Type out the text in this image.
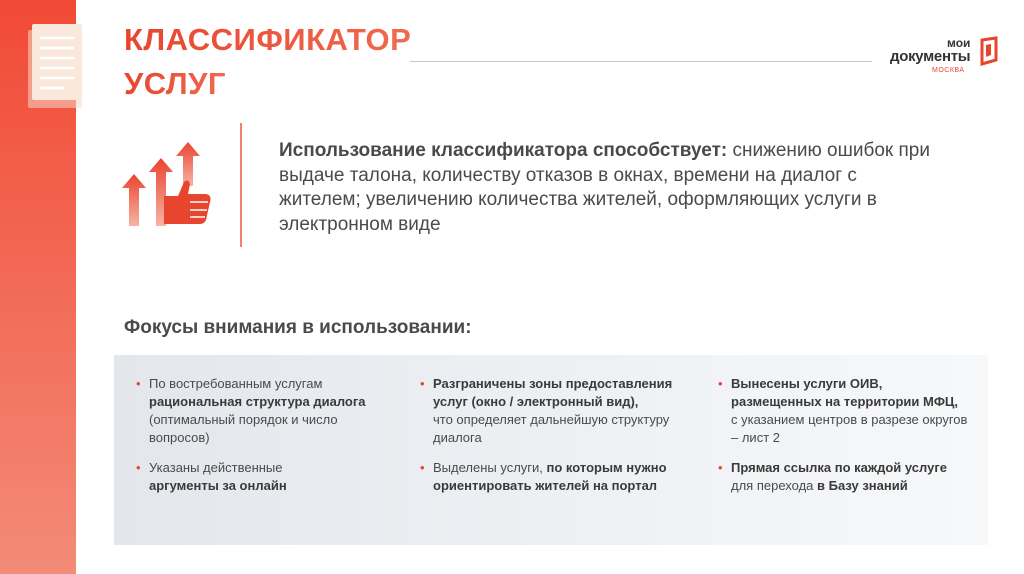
КЛАССИФИКАТОР
УСЛУГ
мои
документы
МОСКВА
Использование классификатора способствует: снижению ошибок при выдаче талона, количеству отказов в окнах, времени на диалог с жителем; увеличению количества жителей, оформляющих услуги в электронном виде
Фокусы внимания в использовании:
• По востребованным услугам
рациональная структура диалога (оптимальный порядок и число вопросов)
• Указаны действенные
аргументы за онлайн
• Разграничены зоны предоставления услуг (окно / электронный вид),
что определяет дальнейшую структуру диалога
• Выделены услуги, по которым нужно ориентировать жителей на портал
• Вынесены услуги ОИВ, размещенных на территории МФЦ, с указанием центров в разрезе округов – лист 2
• Прямая ссылка по каждой услуге для перехода в Базу знаний
